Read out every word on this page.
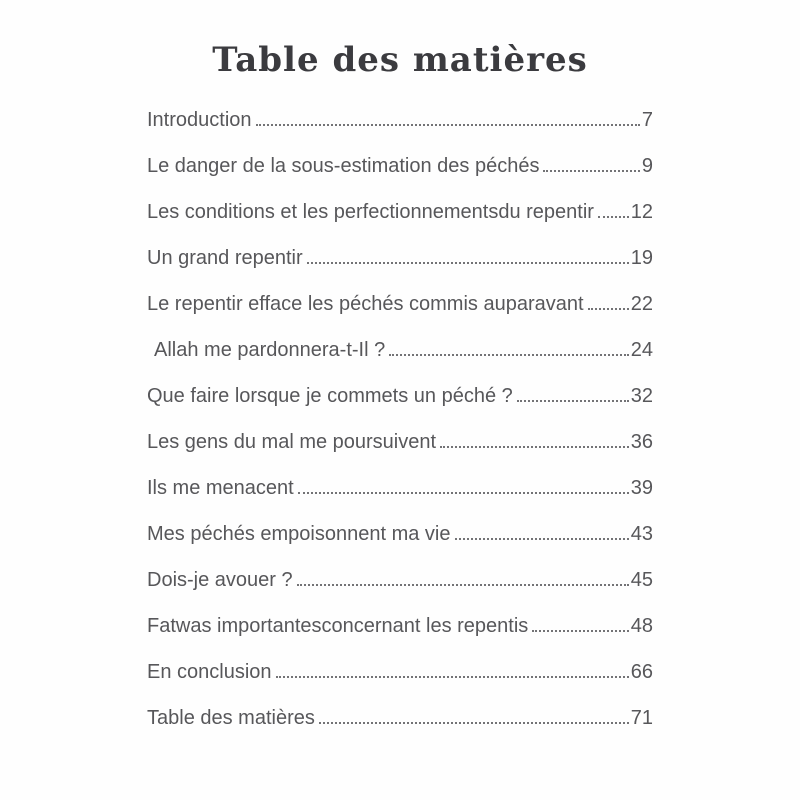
Table des matières
Introduction	7
Le danger de la sous-estimation des péchés	9
Les conditions et les perfectionnementsdu repentir 12
Un grand repentir	19
Le repentir efface les péchés commis auparavant 22
Allah me pardonnera-t-Il ?	24
Que faire lorsque je commets un péché ?	32
Les gens du mal me poursuivent	36
Ils me menacent	39
Mes péchés empoisonnent ma vie	43
Dois-je avouer ?	45
Fatwas importantesconcernant les repentis	48
En conclusion	66
Table des matières	71
